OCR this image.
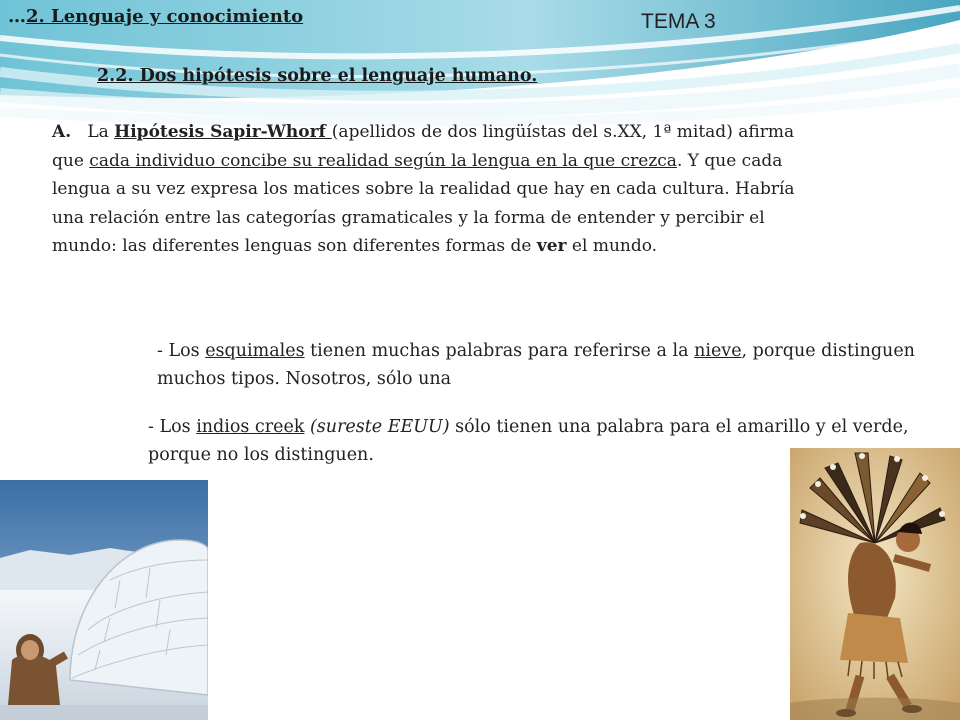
…2. Lenguaje y conocimiento	TEMA 3
2.2. Dos hipótesis sobre el lenguaje humano.
A. La Hipótesis Sapir-Whorf (apellidos de dos lingüístas del s.XX, 1ª mitad) afirma que cada individuo concibe su realidad según la lengua en la que crezca. Y que cada lengua a su vez expresa los matices sobre la realidad que hay en cada cultura. Habría una relación entre las categorías gramaticales y la forma de entender y percibir el mundo: las diferentes lenguas son diferentes formas de ver el mundo.
- Los esquimales tienen muchas palabras para referirse a la nieve, porque distinguen muchos tipos. Nosotros, sólo una
- Los indios creek (sureste EEUU) sólo tienen una palabra para el amarillo y el verde, porque no los distinguen.
